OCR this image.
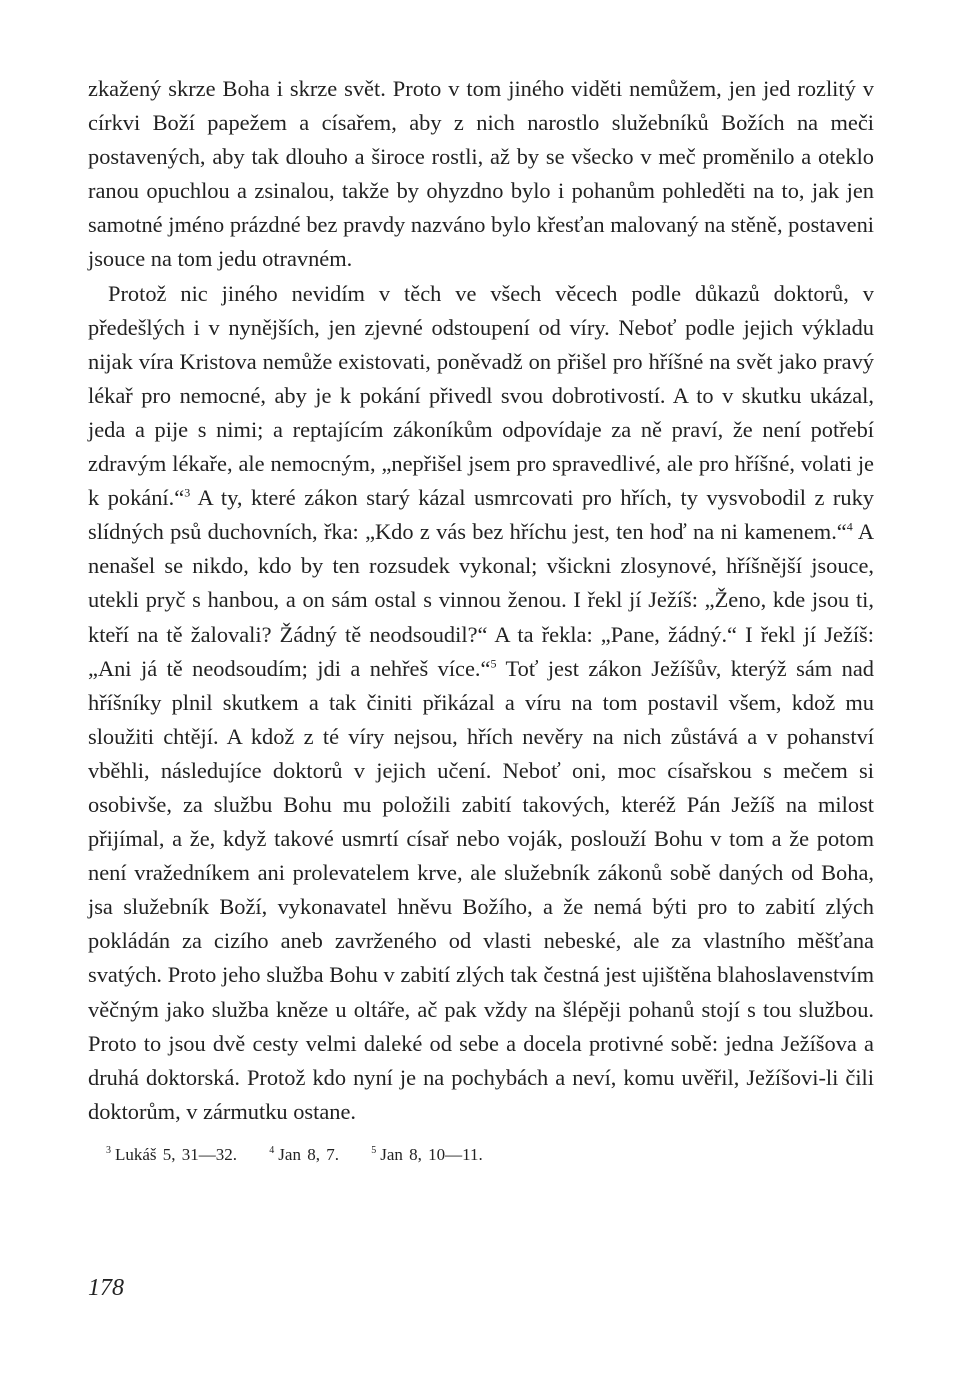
zkažený skrze Boha i skrze svět. Proto v tom jiného viděti nemůžem, jen jed rozlitý v církvi Boží papežem a císařem, aby z nich narostlo služebníků Božích na meči postavených, aby tak dlouho a široce rostli, až by se všecko v meč proměnilo a oteklo ranou opuchlou a zsinalou, takže by ohyzdno bylo i pohanům pohleděti na to, jak jen samotné jméno prázdné bez pravdy nazváno bylo křesťan malovaný na stěně, postaveni jsouce na tom jedu otravném.

Protož nic jiného nevidím v těch ve všech věcech podle důkazů doktorů, v předešlých i v nynějších, jen zjevné odstoupení od víry. Neboť podle jejich výkladu nijak víra Kristova nemůže existovati, poněvadž on přišel pro hříšné na svět jako pravý lékař pro nemocné, aby je k pokání přivedl svou dobrotivostí. A to v skutku ukázal, jeda a pije s nimi; a reptajícím zákoníkům odpovídaje za ně praví, že není potřebí zdravým lékaře, ale nemocným, „nepřišel jsem pro spravedlivé, ale pro hříšné, volati je k pokání.“$^3$ A ty, které zákon starý kázal usmrcovati pro hřích, ty vysvobodil z ruky slídných psů duchovních, řka: „Kdo z vás bez hříchu jest, ten hoď na ni kamenem.“$^4$ A nenašel se nikdo, kdo by ten rozsudek vykonal; všickni zlosynové, hříšnější jsouce, utekli pryč s hanbou, a on sám ostal s vinnou ženou. I řekl jí Ježíš: „Ženo, kde jsou ti, kteří na tě žalovali? Žádný tě neodsoudil?“ A ta řekla: „Pane, žádný.“ I řekl jí Ježíš: „Ani já tě neodsoudím; jdi a nehřeš více.“$^5$ Toť jest zákon Ježíšův, kterýž sám nad hříšníky plnil skutkem a tak činiti přikázal a víru na tom postavil všem, kdož mu sloužiti chtějí. A kdož z té víry nejsou, hřích nevěry na nich zůstává a v pohanství vběhli, následujíce doktorů v jejich učení. Neboť oni, moc císařskou s mečem si osobivše, za službu Bohu mu položili zabití takových, kteréž Pán Ježíš na milost přijímal, a že, když takové usmrtí císař nebo voják, poslouží Bohu v tom a že potom není vražedníkem ani prolevatelem krve, ale služebník zákonů sobě daných od Boha, jsa služebník Boží, vykonavatel hněvu Božího, a že nemá býti pro to zabití zlých pokládán za cizího aneb zavrženého od vlasti nebeské, ale za vlastního měšťana svatých. Proto jeho služba Bohu v zabití zlých tak čestná jest ujištěna blahoslavenstvím věčným jako služba kněze u oltáře, ač pak vždy na šlépěji pohanů stojí s tou službou. Proto to jsou dvě cesty velmi daleké od sebe a docela protivné sobě: jedna Ježíšova a druhá doktorská. Protož kdo nyní je na pochybách a neví, komu uvěřil, Ježíšovi-li čili doktorům, v zármutku ostane.

$^3$ Lukáš 5, 31—32.	$^4$ Jan 8, 7.	$^5$ Jan 8, 10—11.
178
